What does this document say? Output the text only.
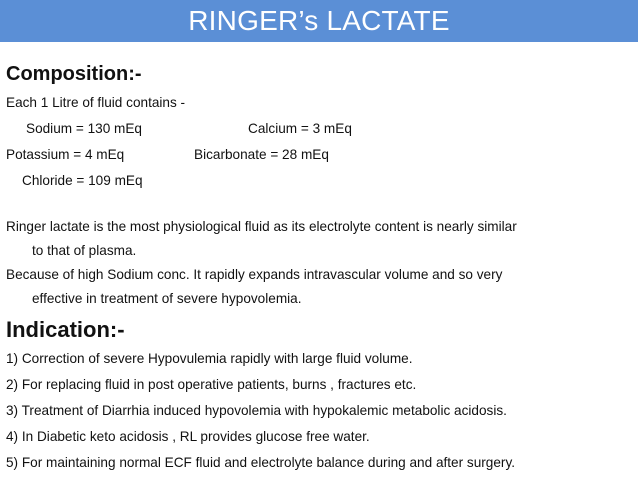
RINGER’s LACTATE
Composition:-
Each 1 Litre of fluid contains -
Sodium = 130 mEq	Calcium = 3 mEq
Potassium = 4 mEq	Bicarbonate = 28 mEq
Chloride = 109 mEq
Ringer lactate is the most physiological fluid as its electrolyte content is nearly similar
to that of plasma.
Because of high Sodium conc. It rapidly expands intravascular volume and so very
effective in treatment of severe hypovolemia.
Indication:-
1) Correction of severe Hypovulemia rapidly with large fluid volume.
2) For replacing fluid in post operative patients, burns , fractures etc.
3) Treatment of Diarrhia induced hypovolemia with hypokalemic metabolic acidosis.
4) In Diabetic keto acidosis , RL provides glucose free water.
5) For maintaining normal ECF fluid and electrolyte balance during and after surgery.
